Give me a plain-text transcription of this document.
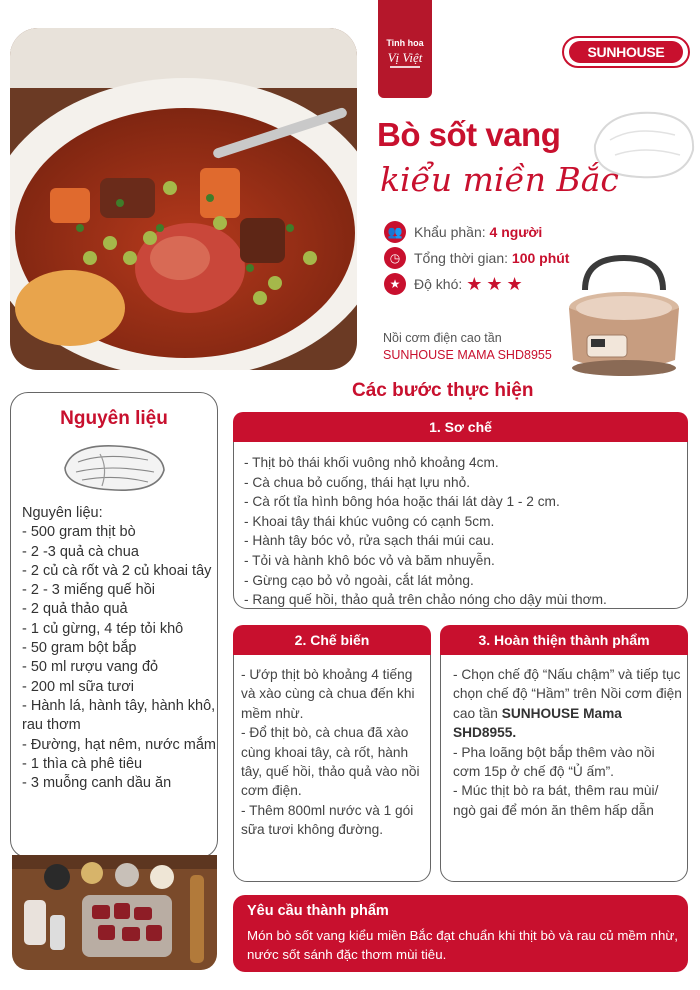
Tinh hoa
Vị Việt	SUNHOUSE
Bò sốt vang
kiểu miền Bắc
👥 Khẩu phần:
4 người
◷ Tổng thời gian:
100 phút
★ Độ khó: ★ ★ ★
Nồi cơm điện cao tần
SUNHOUSE MAMA SHD8955
Các bước thực hiện
Nguyên liệu
Nguyên liệu:
- 500 gram thịt bò
- 2 -3 quả cà chua
- 2 củ cà rốt và 2 củ khoai tây
- 2 - 3 miếng quế hồi
- 2 quả thảo quả
- 1 củ gừng, 4 tép tỏi khô
- 50 gram bột bắp
- 50 ml rượu vang đỏ
- 200 ml sữa tươi
- Hành lá, hành tây, hành khô, rau thơm
- Đường, hạt nêm, nước mắm
- 1 thìa cà phê tiêu
- 3 muỗng canh dầu ăn
1. Sơ chế
- Thịt bò thái khối vuông nhỏ khoảng 4cm.
- Cà chua bỏ cuống, thái hạt lựu nhỏ.
- Cà rốt tỉa hình bông hóa hoặc thái lát dày 1 - 2 cm.
- Khoai tây thái khúc vuông có cạnh 5cm.
- Hành tây bóc vỏ, rửa sạch thái múi cau.
- Tỏi và hành khô bóc vỏ và băm nhuyễn.
- Gừng cạo bỏ vỏ ngoài, cắt lát mỏng.
- Rang quế hồi, thảo quả trên chảo nóng cho dậy mùi thơm.
2. Chế biến
- Ướp thịt bò khoảng 4 tiếng và xào cùng cà chua đến khi mềm nhừ.
- Đổ thịt bò, cà chua đã xào cùng khoai tây, cà rốt, hành tây, quế hồi, thảo quả vào nồi cơm điện.
- Thêm 800ml nước và 1 gói sữa tươi không đường.
3. Hoàn thiện thành phẩm
- Chọn chế độ “Nấu chậm” và tiếp tục chọn chế độ “Hầm” trên Nồi cơm điện cao tần SUNHOUSE Mama SHD8955.
- Pha loãng bột bắp thêm vào nồi cơm 15p ở chế độ “Ủ ấm”.
- Múc thịt bò ra bát, thêm rau mùi/ ngò gai để món ăn thêm hấp dẫn
Yêu cầu thành phẩm
Món bò sốt vang kiểu miền Bắc đạt chuẩn khi thịt bò và rau củ mềm nhừ, nước sốt sánh đặc thơm mùi tiêu.
